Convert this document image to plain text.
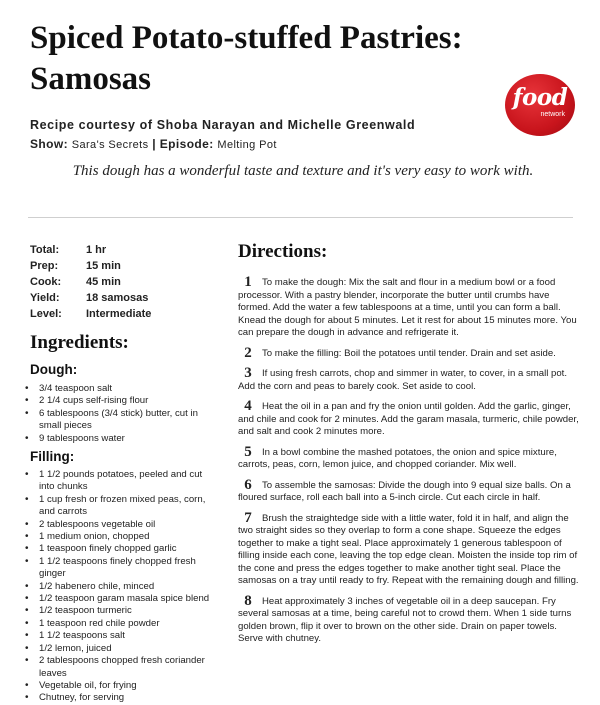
Spiced Potato-stuffed Pastries: Samosas
food
network
Recipe courtesy of Shoba Narayan and Michelle Greenwald
Show: Sara's Secrets | Episode: Melting Pot

This dough has a wonderful taste and texture and it's very easy to work with.

Total:	1 hr
Prep:	15 min
Cook:	45 min
Yield:	18 samosas
Level:	Intermediate
Ingredients:
Dough:
• 3/4 teaspoon salt
• 2 1/4 cups self-rising flour
• 6 tablespoons (3/4 stick) butter, cut in small pieces
• 9 tablespoons water
Filling:
• 1 1/2 pounds potatoes, peeled and cut into chunks
• 1 cup fresh or frozen mixed peas, corn, and carrots
• 2 tablespoons vegetable oil
• 1 medium onion, chopped
• 1 teaspoon finely chopped garlic
• 1 1/2 teaspoons finely chopped fresh ginger
• 1/2 habenero chile, minced
• 1/2 teaspoon garam masala spice blend
• 1/2 teaspoon turmeric
• 1 teaspoon red chile powder
• 1 1/2 teaspoons salt
• 1/2 lemon, juiced
• 2 tablespoons chopped fresh coriander leaves
• Vegetable oil, for frying
• Chutney, for serving
Directions:
1 To make the dough: Mix the salt and flour in a medium bowl or a food processor. With a pastry blender, incorporate the butter until crumbs have formed. Add the water a few tablespoons at a time, until you can form a ball. Knead the dough for about 5 minutes. Let it rest for about 15 minutes more. You can prepare the dough in advance and refrigerate it.
2 To make the filling: Boil the potatoes until tender. Drain and set aside.
3 If using fresh carrots, chop and simmer in water, to cover, in a small pot. Add the corn and peas to barely cook. Set aside to cool.
4 Heat the oil in a pan and fry the onion until golden. Add the garlic, ginger, and chile and cook for 2 minutes. Add the garam masala, turmeric, chile powder, and salt and cook 2 minutes more.
5 In a bowl combine the mashed potatoes, the onion and spice mixture, carrots, peas, corn, lemon juice, and chopped coriander. Mix well.
6 To assemble the samosas: Divide the dough into 9 equal size balls. On a floured surface, roll each ball into a 5-inch circle. Cut each circle in half.
7 Brush the straightedge side with a little water, fold it in half, and align the two straight sides so they overlap to form a cone shape. Squeeze the edges together to make a tight seal. Place approximately 1 generous tablespoon of filling inside each cone, leaving the top edge clean. Moisten the inside top rim of the cone and press the edges together to make another tight seal. Place the samosas on a tray until ready to fry. Repeat with the remaining dough and filling.
8 Heat approximately 3 inches of vegetable oil in a deep saucepan. Fry several samosas at a time, being careful not to crowd them. When 1 side turns golden brown, flip it over to brown on the other side. Drain on paper towels. Serve with chutney.
